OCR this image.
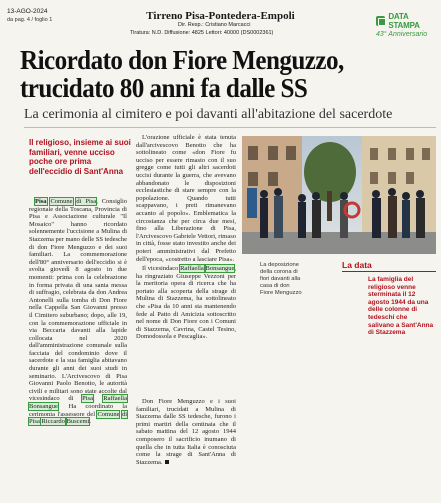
13-AGO-2024
da pag. 4 / foglio 1	Tirreno Pisa-Pontedera-Empoli
Dir. Resp.: Cristiano Marcacci
Tiratura: N.D. Diffusione: 4825 Lettori: 40000 (DS0002361)
DATA STAMPA
43° Anniversario
Ricordato don Fiore Menguzzo,
trucidato 80 anni fa dalle SS
La cerimonia al cimitero e poi davanti all'abitazione del sacerdote
Il religioso, insieme ai suoi familiari, venne ucciso poche ore prima dell'eccidio di Sant'Anna

Pisa Comune di Pisa, Consiglio regionale della Toscana, Provincia di Pisa e Associazione culturale "Il Mosaico" hanno ricordato solennemente l'uccisione a Mulina di Stazzema per mano delle SS tedesche di don Fiore Menguzzo e dei suoi familiari. La commemorazione dell'80° anniversario dell'eccidio si è svolta giovedì 8 agosto in due momenti: prima con la celebrazione in forma privata di una santa messa di suffragio, celebrata da don Andrea Antonelli sulla tomba di Don Fiore nella Cappella San Giovanni presso il Cimitero suburbano; dopo, alle 19, con la commemorazione ufficiale in via Beccaria davanti alla lapide collocata nel 2020 dall'amministrazione comunale sulla facciata del condominio dove il sacerdote e la sua famiglia abitavano durante gli anni dei suoi studi in seminario. L'Arcivescovo di Pisa Giovanni Paolo Benotto, le autorità civili e militari sono state accolte dal vicesindaco di Pisa, Raffaella Bonsangue. Ha coordinato la cerimonia l'assessore del Comune di Pisa Riccardo Buscemi.

L'orazione ufficiale è stata tenuta dall'arcivescovo Benotto che ha sottolineato come «don Fiore fu ucciso per essere rimasto con il suo gregge come tutti gli altri sacerdoti uccisi durante la guerra, che avevano abbandonato le disposizioni ecclesiastiche di stare sempre con la popolazione. Quando tutti scappavano, i preti rimanevano accanto al popolo». Emblematica la circostanza che per circa due mesi, fino alla Liberazione di Pisa, l'Arcivescovo Gabriele Vettori, rimaso in città, fosse stato investito anche dei poteri amministrativi dal Prefetto dell'epoca, «costretto a lasciare Pisa».

Il vicesindaco Raffaella Bonsangue, ha ringraziato Giuseppe Vezzoni per la meritoria opera di ricerca che ha portato alla scoperta della strage di Mulina di Stazzema, ha sottolineato che «Pisa da 10 anni sta mantenendo fede al Patto di Amicizia sottoscritto nel nome di Don Fiore con i Comuni di Stazzema, Cavrina, Castel Tesino, Domodossola e Pescaglia».

Don Fiore Menguzzo e i suoi familiari, trucidati a Mulina di Stazzema dalle SS tedesche, furono i primi martiri della centinaia che il sabato mattina del 12 agosto 1944 composero il sacrificio inumano di quella che in tutta Italia è conosciuta come la strage di Sant'Anna di Stazzema.

La deposizione della corona di fiori davanti alla casa di don Fiore Menguzzo
La data
La famiglia del religioso venne sterminata il 12 agosto 1944 da una delle colonne di tedeschi che salivano a Sant'Anna di Stazzema
